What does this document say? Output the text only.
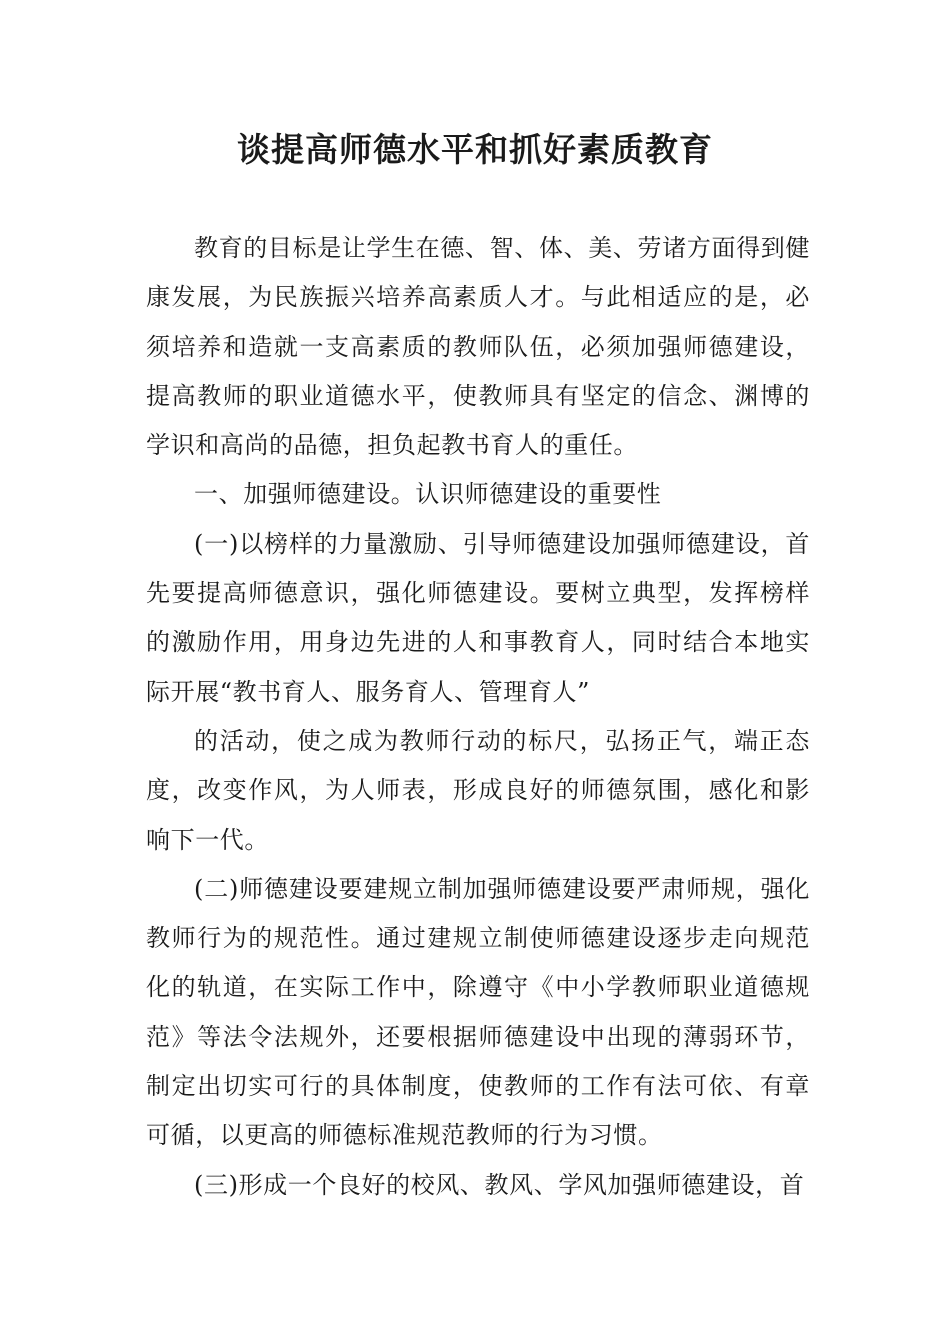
谈提高师德水平和抓好素质教育

教育的目标是让学生在德、智、体、美、劳诸方面得到健康发展，为民族振兴培养高素质人才。与此相适应的是，必须培养和造就一支高素质的教师队伍，必须加强师德建设，提高教师的职业道德水平，使教师具有坚定的信念、渊博的学识和高尚的品德，担负起教书育人的重任。

一、加强师德建设。认识师德建设的重要性

(一)以榜样的力量激励、引导师德建设加强师德建设，首先要提高师德意识，强化师德建设。要树立典型，发挥榜样的激励作用，用身边先进的人和事教育人，同时结合本地实际开展“教书育人、服务育人、管理育人”

的活动，使之成为教师行动的标尺，弘扬正气，端正态度，改变作风，为人师表，形成良好的师德氛围，感化和影响下一代。

(二)师德建设要建规立制加强师德建设要严肃师规，强化教师行为的规范性。通过建规立制使师德建设逐步走向规范化的轨道，在实际工作中，除遵守《中小学教师职业道德规范》等法令法规外，还要根据师德建设中出现的薄弱环节，制定出切实可行的具体制度，使教师的工作有法可依、有章可循，以更高的师德标准规范教师的行为习惯。

(三)形成一个良好的校风、教风、学风加强师德建设，首
